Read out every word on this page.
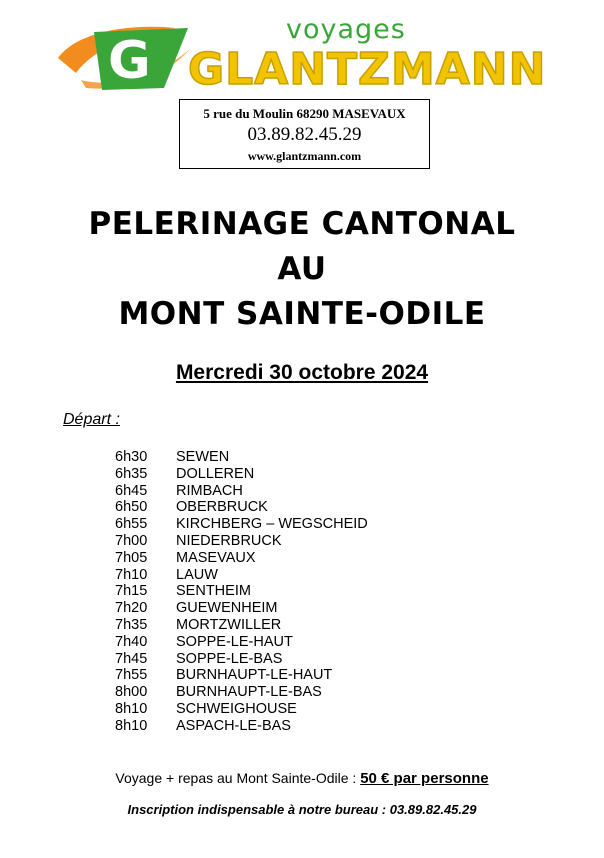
G
voyages
GLANTZMANN
5 rue du Moulin 68290 MASEVAUX
03.89.82.45.29
www.glantzmann.com
PELERINAGE CANTONAL
AU
MONT SAINTE-ODILE
Mercredi 30 octobre 2024
Départ :
6h30	SEWEN
6h35	DOLLEREN
6h45	RIMBACH
6h50	OBERBRUCK
6h55	KIRCHBERG – WEGSCHEID
7h00	NIEDERBRUCK
7h05	MASEVAUX
7h10	LAUW
7h15	SENTHEIM
7h20	GUEWENHEIM
7h35	MORTZWILLER
7h40	SOPPE-LE-HAUT
7h45	SOPPE-LE-BAS
7h55	BURNHAUPT-LE-HAUT
8h00	BURNHAUPT-LE-BAS
8h10	SCHWEIGHOUSE
8h10	ASPACH-LE-BAS
Voyage + repas au Mont Sainte-Odile : 50 € par personne
Inscription indispensable à notre bureau : 03.89.82.45.29
